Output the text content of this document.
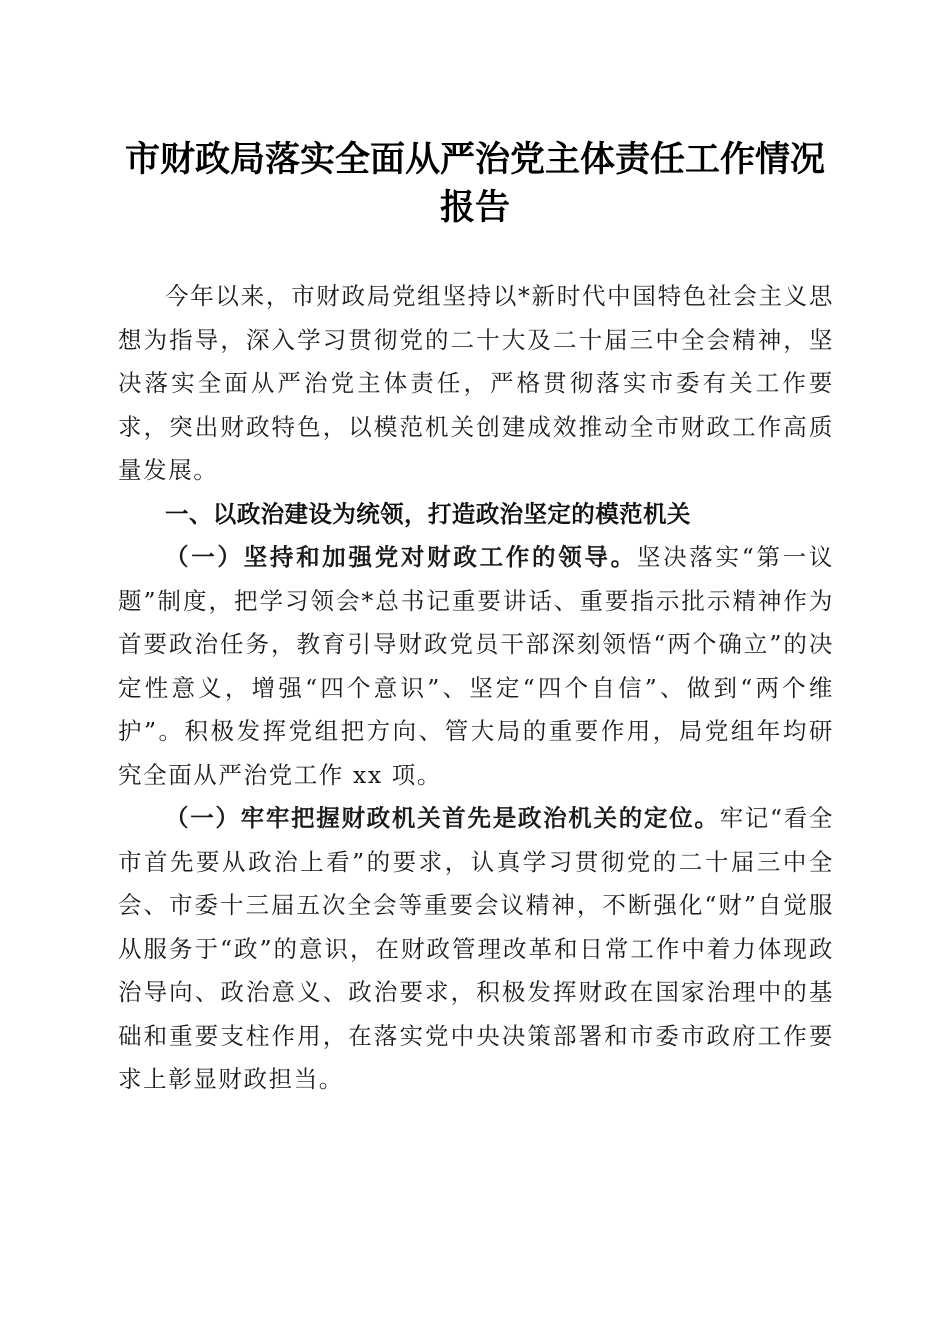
市财政局落实全面从严治党主体责任工作情况
报告

今年以来，市财政局党组坚持以*新时代中国特色社会主义思想为指导，深入学习贯彻党的二十大及二十届三中全会精神，坚决落实全面从严治党主体责任，严格贯彻落实市委有关工作要求，突出财政特色，以模范机关创建成效推动全市财政工作高质量发展。

一、以政治建设为统领，打造政治坚定的模范机关

（一）坚持和加强党对财政工作的领导。坚决落实“第一议题”制度，把学习领会*总书记重要讲话、重要指示批示精神作为首要政治任务，教育引导财政党员干部深刻领悟“两个确立”的决定性意义，增强“四个意识”、坚定“四个自信”、做到“两个维护”。积极发挥党组把方向、管大局的重要作用，局党组年均研究全面从严治党工作 xx 项。

（一）牢牢把握财政机关首先是政治机关的定位。牢记“看全市首先要从政治上看”的要求，认真学习贯彻党的二十届三中全会、市委十三届五次全会等重要会议精神，不断强化“财”自觉服从服务于“政”的意识，在财政管理改革和日常工作中着力体现政治导向、政治意义、政治要求，积极发挥财政在国家治理中的基础和重要支柱作用，在落实党中央决策部署和市委市政府工作要求上彰显财政担当。
